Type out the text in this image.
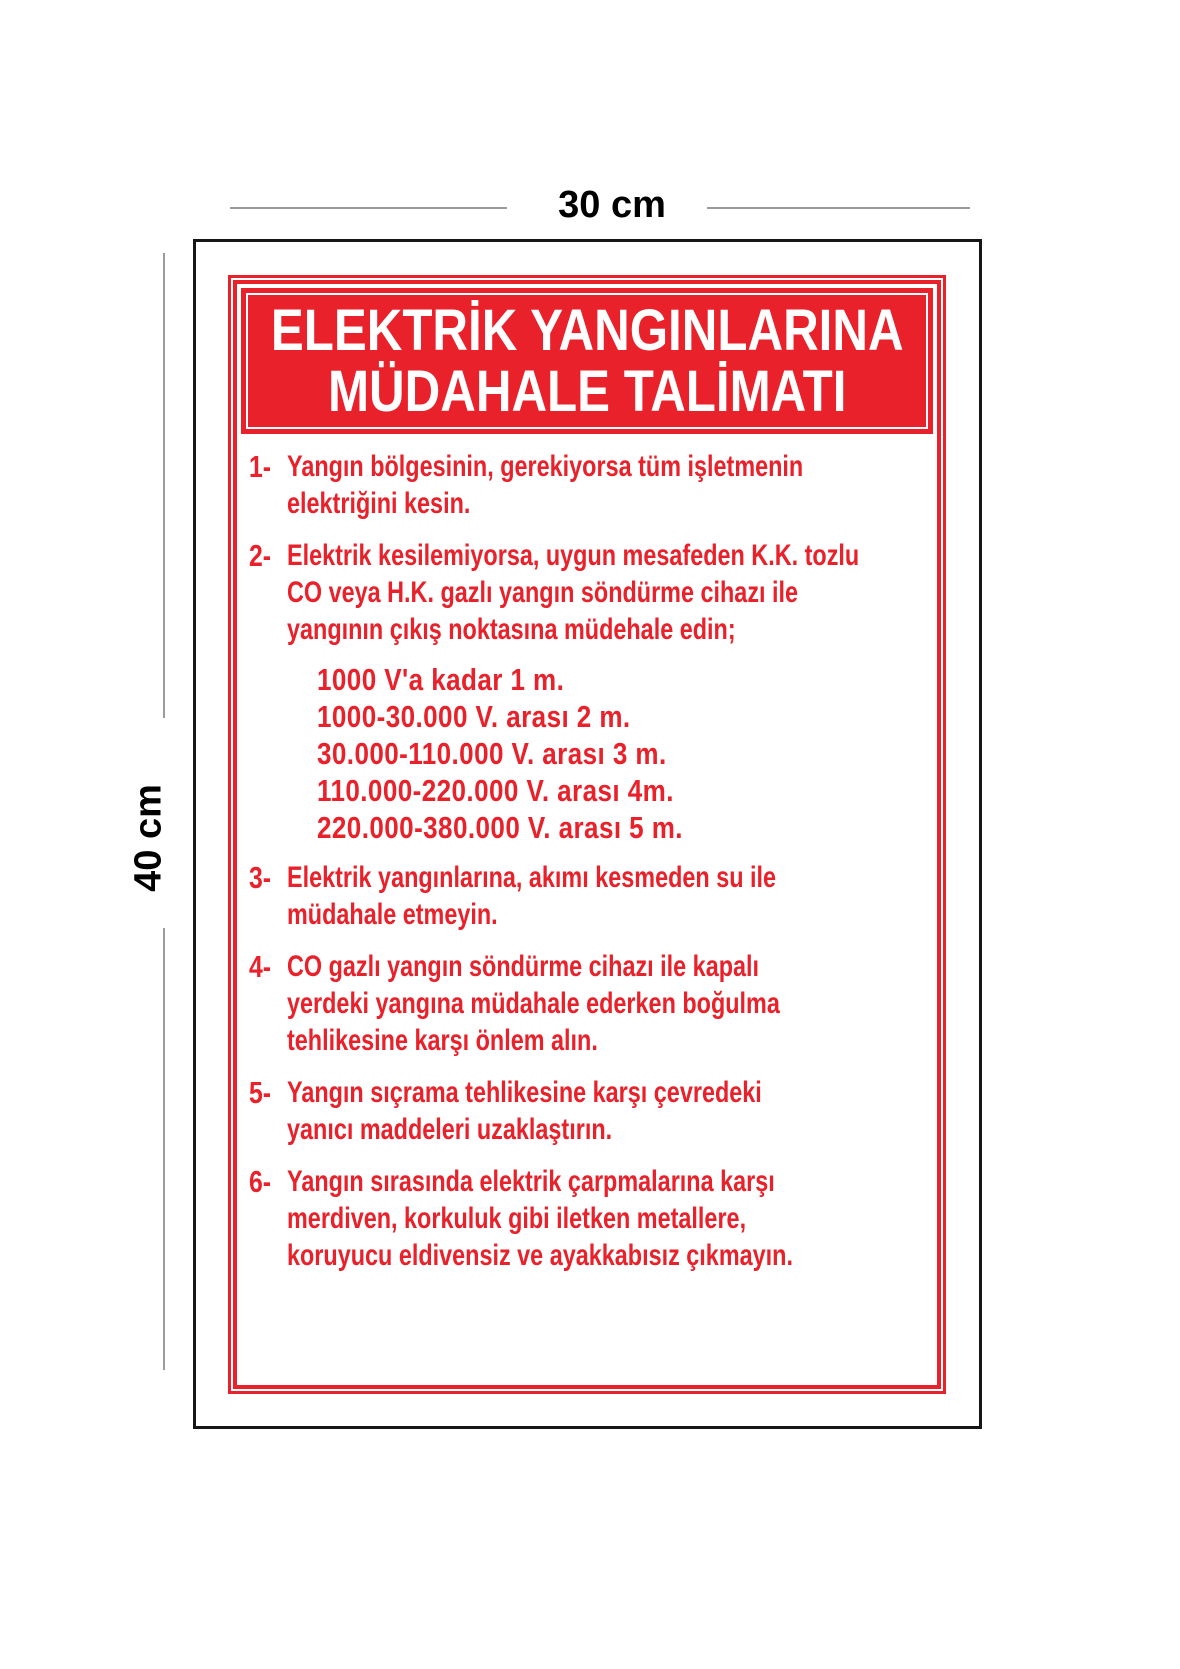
30 cm
40 cm
ELEKTRİK YANGINLARINA
MÜDAHALE TALİMATI
1- Yangın bölgesinin, gerekiyorsa tüm işletmenin
elektriğini kesin.
2- Elektrik kesilemiyorsa, uygun mesafeden K.K. tozlu
CO veya H.K. gazlı yangın söndürme cihazı ile
yangının çıkış noktasına müdehale edin;
1000 V'a kadar 1 m.
1000-30.000 V. arası 2 m.
30.000-110.000 V. arası 3 m.
110.000-220.000 V. arası 4m.
220.000-380.000 V. arası 5 m.
3- Elektrik yangınlarına, akımı kesmeden su ile
müdahale etmeyin.
4- CO gazlı yangın söndürme cihazı ile kapalı
yerdeki yangına müdahale ederken boğulma
tehlikesine karşı önlem alın.
5- Yangın sıçrama tehlikesine karşı çevredeki
yanıcı maddeleri uzaklaştırın.
6- Yangın sırasında elektrik çarpmalarına karşı
merdiven, korkuluk gibi iletken metallere,
koruyucu eldivensiz ve ayakkabısız çıkmayın.
